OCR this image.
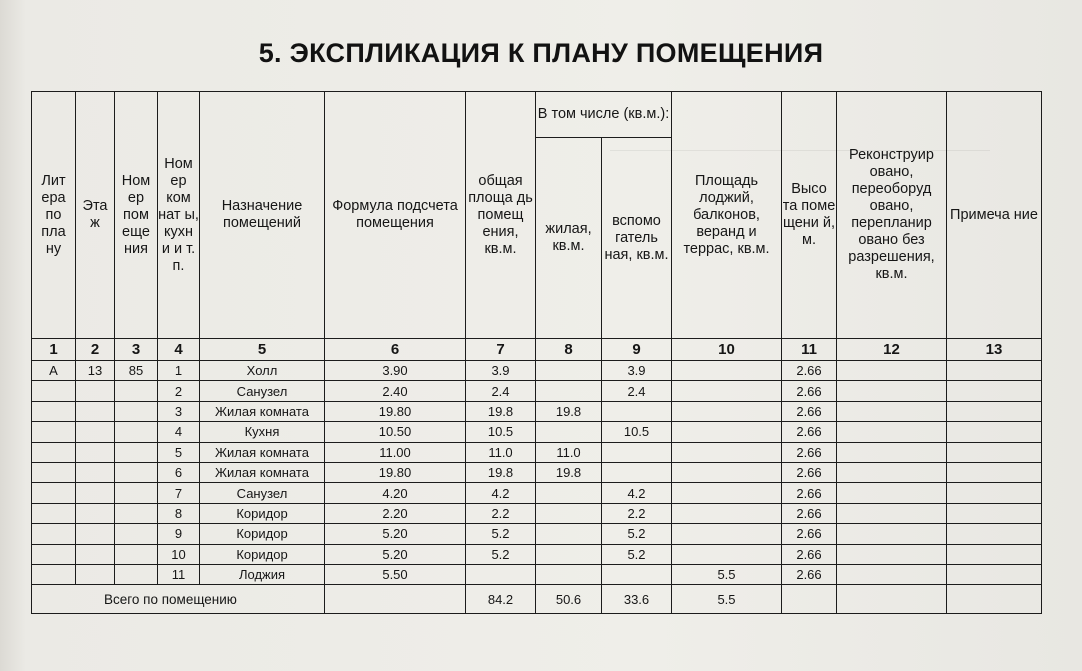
5. ЭКСПЛИКАЦИЯ К ПЛАНУ ПОМЕЩЕНИЯ
Лит ера по пла ну	Эта ж	Ном ер пом еще ния	Ном ер ком нат ы, кухн и и т. п.	Назначение помещений	Формула подсчета помещения	общая площа дь помещ ения, кв.м.	В том числе (кв.м.):		Площадь лоджий, балконов, веранд и террас, кв.м.	Высо та поме щени й, м.	Реконструир овано, переоборуд овано, перепланир овано без разрешения, кв.м.	Примеча ние
							жилая, кв.м.	вспомо гатель ная, кв.м.				
1	2	3	4	5	6	7	8	9	10	11	12	13
А	13	85	1	Холл	3.90	3.9		3.9		2.66		
			2	Санузел	2.40	2.4		2.4		2.66		
			3	Жилая комната	19.80	19.8	19.8			2.66		
			4	Кухня	10.50	10.5		10.5		2.66		
			5	Жилая комната	11.00	11.0	11.0			2.66		
			6	Жилая комната	19.80	19.8	19.8			2.66		
			7	Санузел	4.20	4.2		4.2		2.66		
			8	Коридор	2.20	2.2		2.2		2.66		
			9	Коридор	5.20	5.2		5.2		2.66		
			10	Коридор	5.20	5.2		5.2		2.66		
			11	Лоджия	5.50				5.5	2.66		
Всего по помещению						84.2	50.6	33.6	5.5			
